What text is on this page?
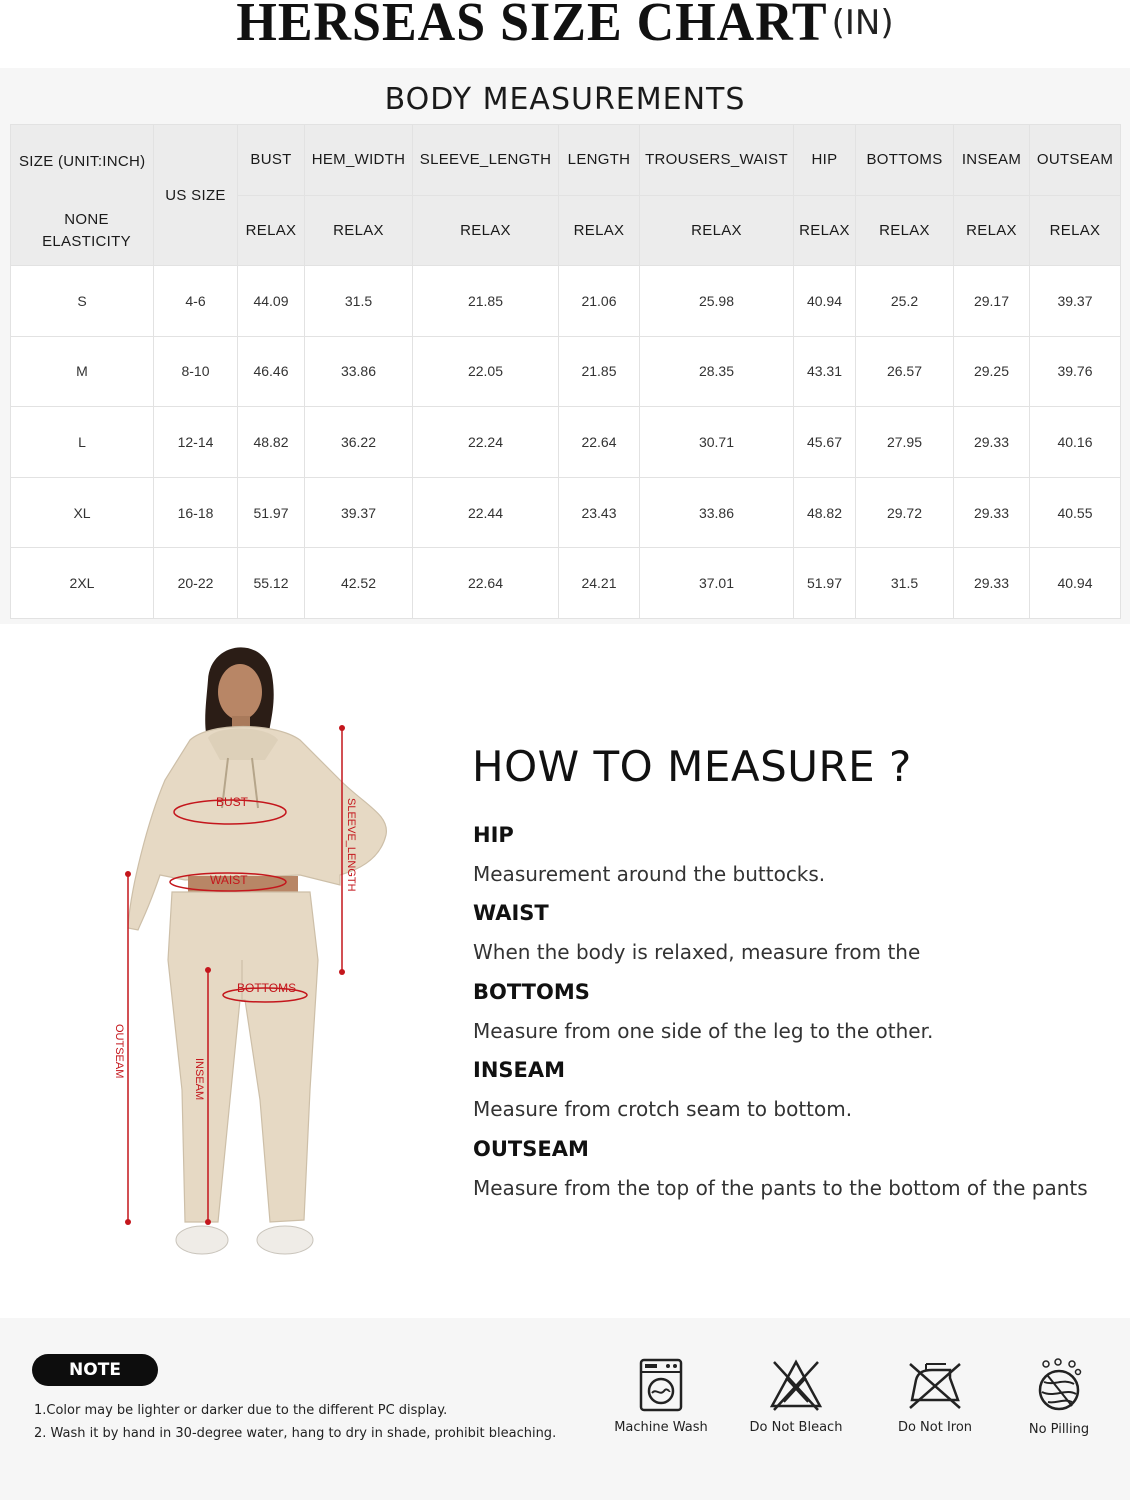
HERSEAS SIZE CHART (IN)
BODY MEASUREMENTS
SIZE (UNIT:INCH)
NONE
ELASTICITY	US SIZE	BUST	HEM_WIDTH	SLEEVE_LENGTH	LENGTH	TROUSERS_WAIST	HIP	BOTTOMS	INSEAM	OUTSEAM
		RELAX	RELAX	RELAX	RELAX	RELAX	RELAX	RELAX	RELAX	RELAX
S	4-6	44.09	31.5	21.85	21.06	25.98	40.94	25.2	29.17	39.37
M	8-10	46.46	33.86	22.05	21.85	28.35	43.31	26.57	29.25	39.76
L	12-14	48.82	36.22	22.24	22.64	30.71	45.67	27.95	29.33	40.16
XL	16-18	51.97	39.37	22.44	23.43	33.86	48.82	29.72	29.33	40.55
2XL	20-22	55.12	42.52	22.64	24.21	37.01	51.97	31.5	29.33	40.94
BUST
WAIST	SLEEVE_LENGTH
BOTTOMS
OUTSEAM
INSEAM
HOW TO MEASURE ?
HIP
Measurement around the buttocks.
WAIST
When the body is relaxed, measure from the
BOTTOMS
Measure from one side of the leg to the other.
INSEAM
Measure from crotch seam to bottom.
OUTSEAM
Measure from the top of the pants to the bottom of the pants
NOTE
1.Color may be lighter or darker due to the different PC display.
2. Wash it by hand in 30-degree water, hang to dry in shade, prohibit bleaching.	Machine Wash	Do Not Bleach	Do Not Iron	No Pilling
